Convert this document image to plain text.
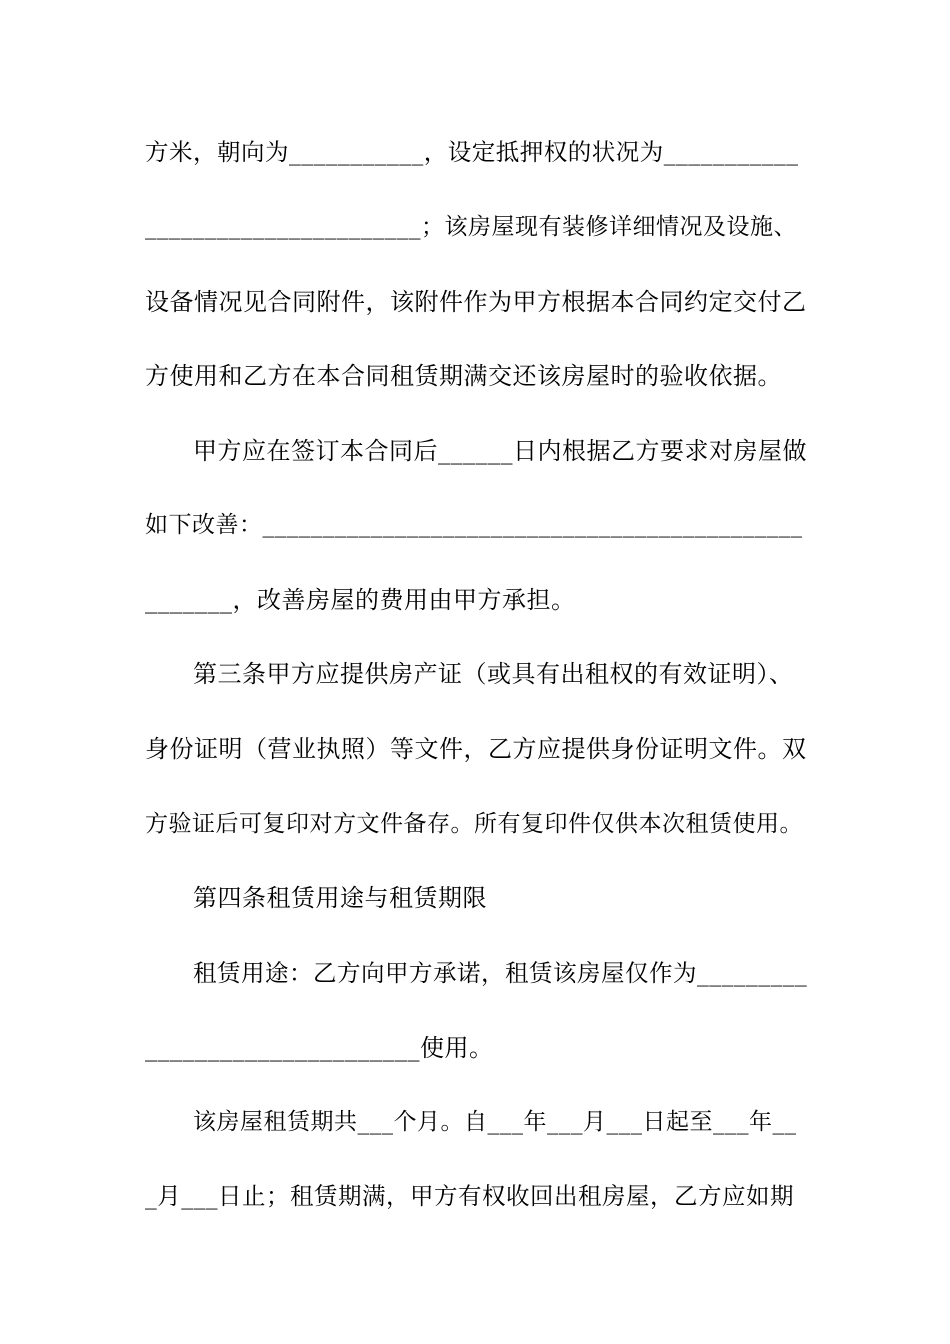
方米，朝向为___________，设定抵押权的状况为___________
_______________________；该房屋现有装修详细情况及设施、
设备情况见合同附件，该附件作为甲方根据本合同约定交付乙
方使用和乙方在本合同租赁期满交还该房屋时的验收依据。
甲方应在签订本合同后______日内根据乙方要求对房屋做
如下改善：_____________________________________________
_______，改善房屋的费用由甲方承担。
第三条甲方应提供房产证（或具有出租权的有效证明）、
身份证明（营业执照）等文件，乙方应提供身份证明文件。双
方验证后可复印对方文件备存。所有复印件仅供本次租赁使用。
第四条租赁用途与租赁期限
租赁用途：乙方向甲方承诺，租赁该房屋仅作为_________
______________________使用。
该房屋租赁期共___个月。自___年___月___日起至___年__
_月___日止；租赁期满，甲方有权收回出租房屋，乙方应如期
